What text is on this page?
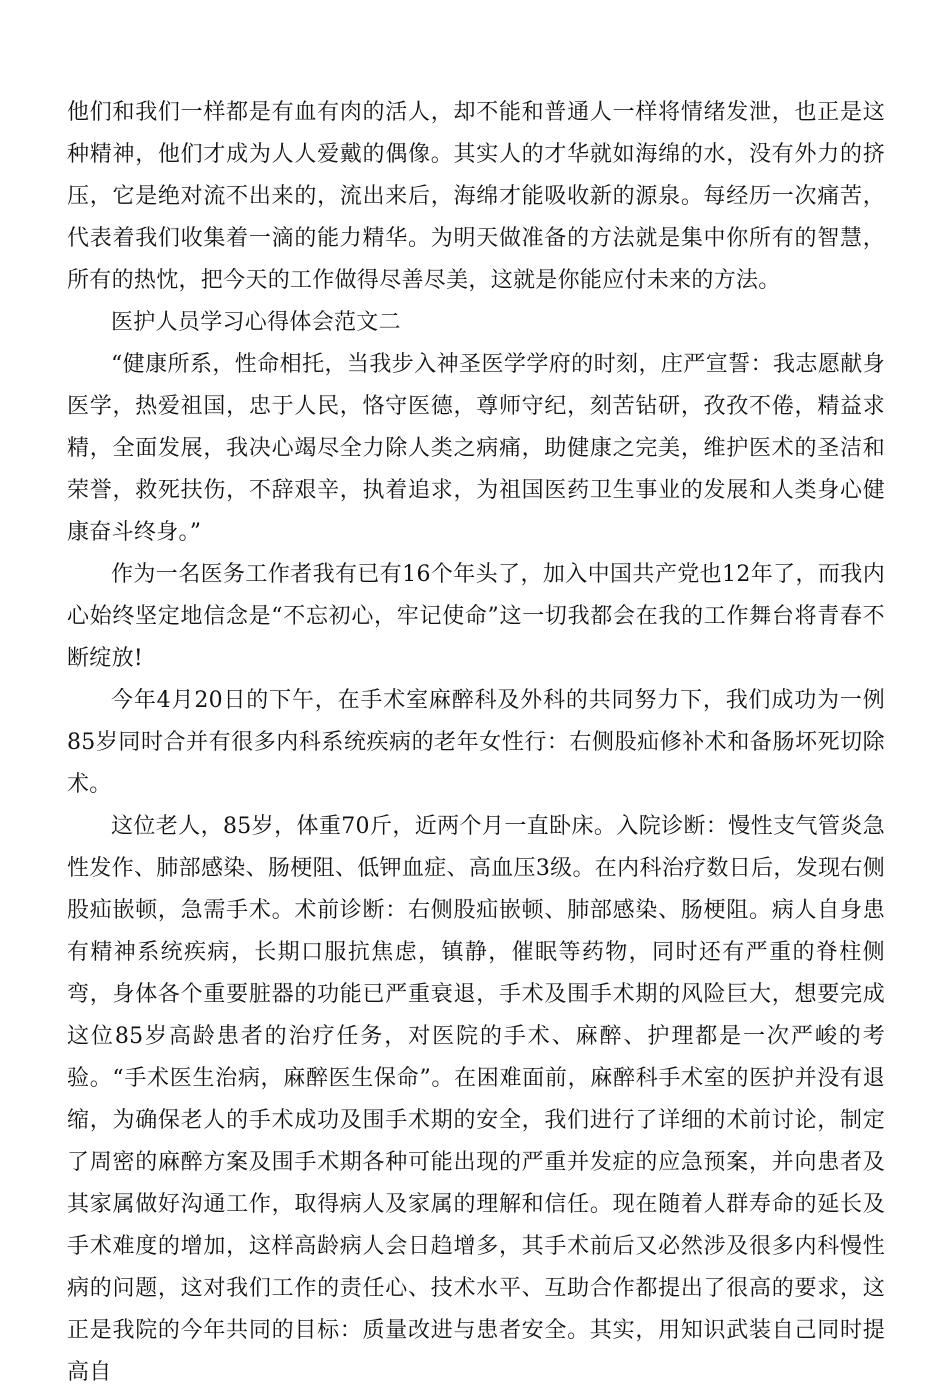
他们和我们一样都是有血有肉的活人，却不能和普通人一样将情绪发泄，也正是这种精神，他们才成为人人爱戴的偶像。其实人的才华就如海绵的水，没有外力的挤压，它是绝对流不出来的，流出来后，海绵才能吸收新的源泉。每经历一次痛苦，代表着我们收集着一滴的能力精华。为明天做准备的方法就是集中你所有的智慧，所有的热忱，把今天的工作做得尽善尽美，这就是你能应付未来的方法。

医护人员学习心得体会范文二

“健康所系，性命相托，当我步入神圣医学学府的时刻，庄严宣誓：我志愿献身医学，热爱祖国，忠于人民，恪守医德，尊师守纪，刻苦钻研，孜孜不倦，精益求精，全面发展，我决心竭尽全力除人类之病痛，助健康之完美，维护医术的圣洁和荣誉，救死扶伤，不辞艰辛，执着追求，为祖国医药卫生事业的发展和人类身心健康奋斗终身。”

作为一名医务工作者我有已有16个年头了，加入中国共产党也12年了，而我内心始终坚定地信念是“不忘初心，牢记使命”这一切我都会在我的工作舞台将青春不断绽放!

今年4月20日的下午，在手术室麻醉科及外科的共同努力下，我们成功为一例85岁同时合并有很多内科系统疾病的老年女性行：右侧股疝修补术和备肠坏死切除术。

这位老人，85岁，体重70斤，近两个月一直卧床。入院诊断：慢性支气管炎急性发作、肺部感染、肠梗阻、低钾血症、高血压3级。在内科治疗数日后，发现右侧股疝嵌顿，急需手术。术前诊断：右侧股疝嵌顿、肺部感染、肠梗阻。病人自身患有精神系统疾病，长期口服抗焦虑，镇静，催眠等药物，同时还有严重的脊柱侧弯，身体各个重要脏器的功能已严重衰退，手术及围手术期的风险巨大，想要完成这位85岁高龄患者的治疗任务，对医院的手术、麻醉、护理都是一次严峻的考验。“手术医生治病，麻醉医生保命”。在困难面前，麻醉科手术室的医护并没有退缩，为确保老人的手术成功及围手术期的安全，我们进行了详细的术前讨论，制定了周密的麻醉方案及围手术期各种可能出现的严重并发症的应急预案，并向患者及其家属做好沟通工作，取得病人及家属的理解和信任。现在随着人群寿命的延长及手术难度的增加，这样高龄病人会日趋增多，其手术前后又必然涉及很多内科慢性病的问题，这对我们工作的责任心、技术水平、互助合作都提出了很高的要求，这正是我院的今年共同的目标：质量改进与患者安全。其实，用知识武装自己同时提高自
